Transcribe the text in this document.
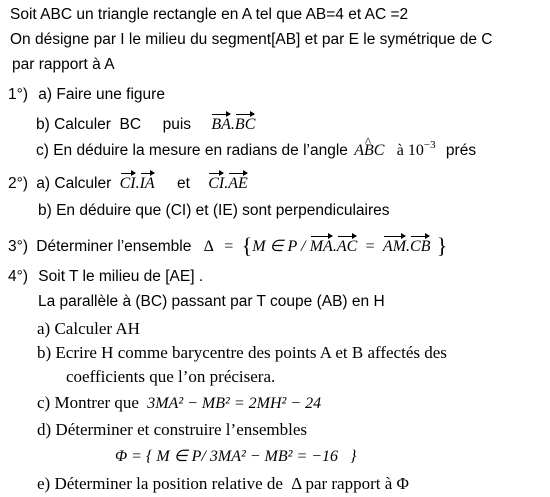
Soit ABC un triangle rectangle en A tel que AB=4 et AC =2
On désigne par I le milieu du segment[AB] et par E le symétrique de C
par rapport à A
1°) a) Faire une figure
b) Calculer  BC     puis BA.BC
c) En déduire la mesure en radians de l’angle AB ^C à $10^{-3}$ prés
2°) a) Calculer CI.IA et CI.AE
b) En déduire que (CI) et (IE) sont perpendiculaires
3°) Déterminer l’ensemble Δ = {M ∈ P / MA.AC = AM.CB }
4°) Soit T le milieu de [AE] .
La parallèle à (BC) passant par T coupe (AB) en H
a) Calculer AH
b) Ecrire H comme barycentre des points A et B affectés des
coefficients que l’on précisera.
c) Montrer que 3MA² − MB² = 2MH² − 24
d) Déterminer et construire l’ensembles
Φ = { M ∈ P/ 3MA² − MB² = −16   }
e) Déterminer la position relative de Δ par rapport à Φ
